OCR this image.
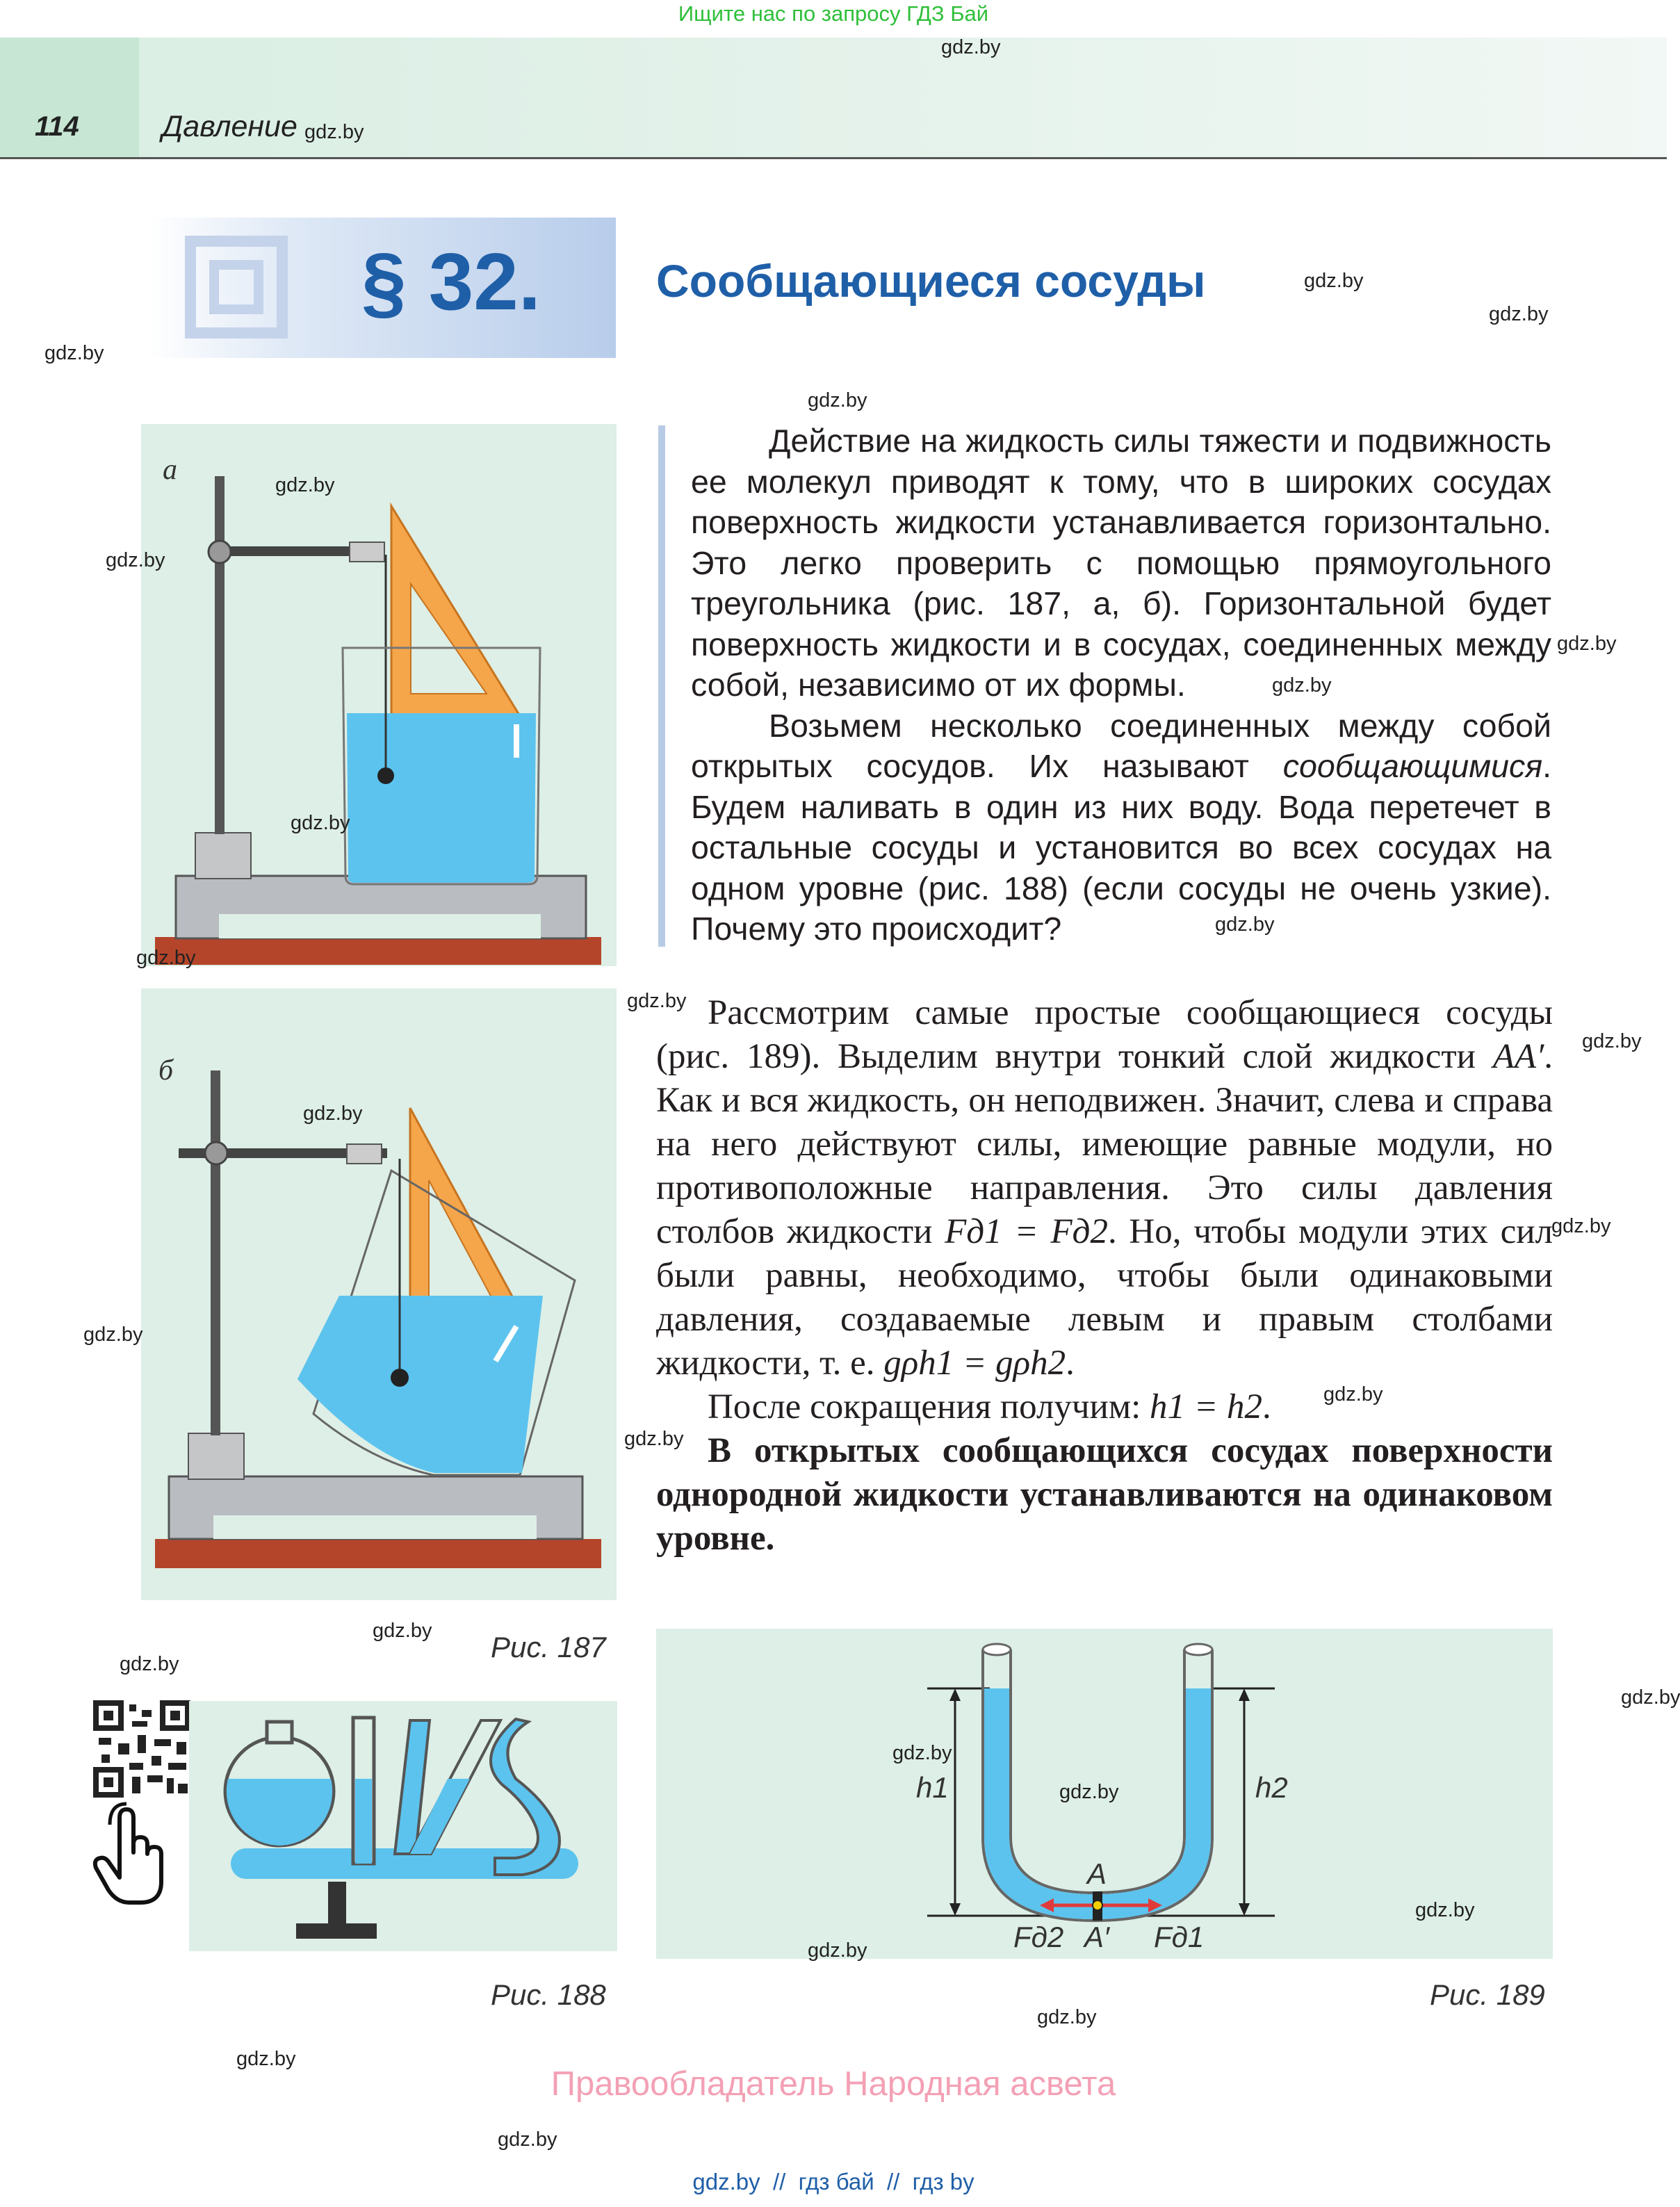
Ищите нас по запросу ГДЗ Бай
114	Давление
§ 32.	Сообщающиеся сосуды
а
б
Рис. 187
Рис. 188

Действие на жидкость силы тяжести и подвижность ее молекул приводят к тому, что в широких сосудах поверхность жидкости устанавливается горизонтально. Это легко проверить с помощью прямоугольного треугольника (рис. 187, а, б). Горизонтальной будет поверхность жидкости и в сосудах, соединенных между собой, независимо от их формы.

Возьмем несколько соединенных между собой открытых сосудов. Их называют сообщающимися. Будем наливать в один из них воду. Вода перетечет в остальные сосуды и установится во всех сосудах на одном уровне (рис. 188) (если сосуды не очень узкие). Почему это происходит?

Рассмотрим самые простые сообщающиеся сосуды (рис. 189). Выделим внутри тонкий слой жидкости AA′. Как и вся жидкость, он неподвижен. Значит, слева и справа на него действуют силы, имеющие равные модули, но противоположные направления. Это силы давления столбов жидкости Fд1 = Fд2. Но, чтобы модули этих сил были равны, необходимо, чтобы были одинаковыми давления, создаваемые левым и правым столбами жидкости, т. е. gρh1 = gρh2.

После сокращения получим: h1 = h2.

В открытых сообщающихся сосудах поверхности однородной жидкости устанавливаются на одинаковом уровне.

h1	h2
A
A′
Fд2	Fд1
Рис. 189
gdz.by
gdz.by
gdz.by
gdz.by
gdz.by
gdz.by
gdz.by
gdz.by
gdz.by
gdz.by
gdz.by
gdz.by
gdz.by
gdz.by
gdz.by
gdz.by
gdz.by
gdz.by
gdz.by
gdz.by
gdz.by
gdz.by
gdz.by
gdz.by
gdz.by
gdz.by
gdz.by
gdz.by
gdz.by
gdz.by
Правообладатель Народная асвета
gdz.by  //  гдз бай  //  гдз by
